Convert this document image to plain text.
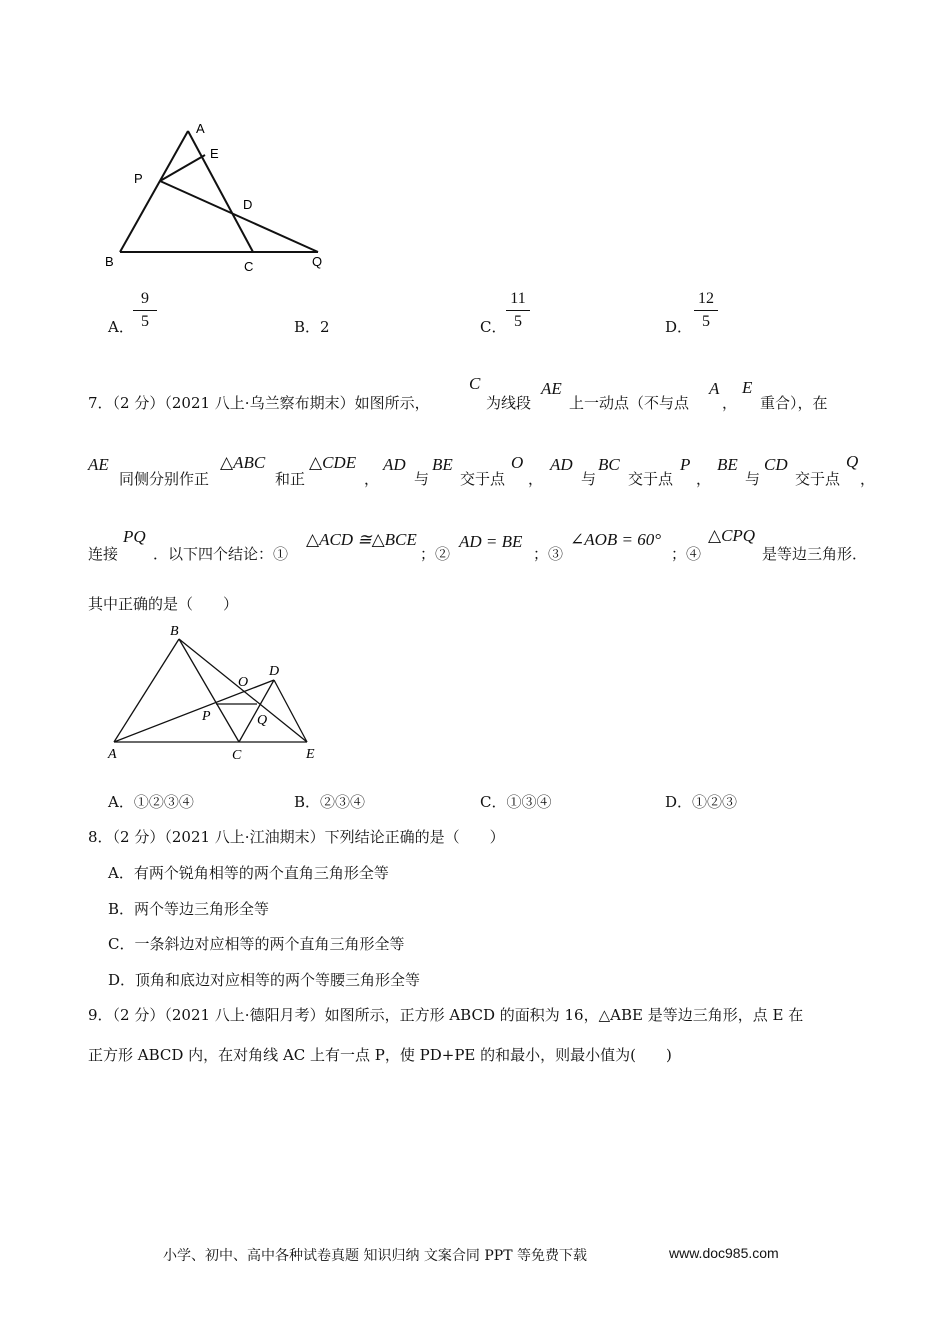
A
E
P
D
B	C	Q
A．
9
5	B．2	C．
11
5	D．
12
5
7．（2 分）（2021 八上·乌兰察布期末）如图所示，
C
为线段
AE
上一动点（不与点
A
，
E
重合），在
AE
同侧分别作正
△ABC
和正
△CDE
，
AD
与
BE
交于点
O
，
AD
与
BC
交于点
P
，
BE
与
CD
交于点
Q
，
连接
PQ
．以下四个结论：①
△ACD ≅△BCE
；②
AD = BE
；③
∠AOB = 60°
；④
△CPQ
是等边三角形．
其中正确的是（　　）
B
D
O
P	Q
A	C	E
A．①②③④	B．②③④	C．①③④	D．①②③
8．（2 分）（2021 八上·江油期末）下列结论正确的是（　　）
A．有两个锐角相等的两个直角三角形全等
B．两个等边三角形全等
C．一条斜边对应相等的两个直角三角形全等
D．顶角和底边对应相等的两个等腰三角形全等
9．（2 分）（2021 八上·德阳月考）如图所示，正方形 ABCD 的面积为 16，△ABE 是等边三角形，点 E 在
正方形 ABCD 内，在对角线 AC 上有一点 P，使 PD+PE 的和最小，则最小值为(　　)
小学、初中、高中各种试卷真题 知识归纳 文案合同 PPT 等免费下载	www.doc985.com
